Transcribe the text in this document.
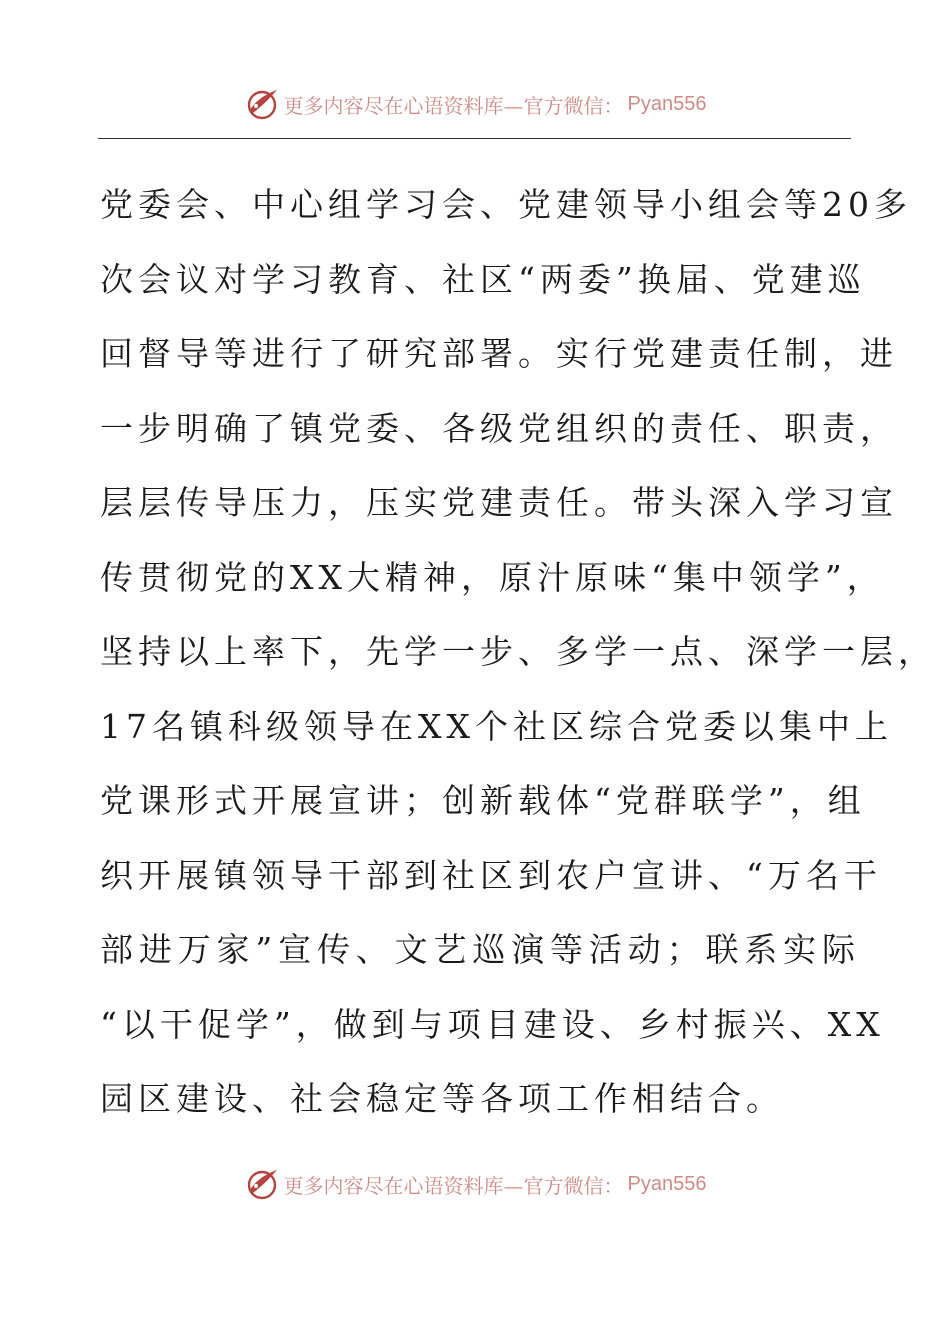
更多内容尽在心语资料库—官方微信： Pyan556
党委会、中心组学习会、党建领导小组会等20多
次会议对学习教育、社区“两委”换届、党建巡
回督导等进行了研究部署。实行党建责任制，进
一步明确了镇党委、各级党组织的责任、职责，
层层传导压力，压实党建责任。带头深入学习宣
传贯彻党的XX大精神，原汁原味“集中领学”，
坚持以上率下，先学一步、多学一点、深学一层，
17名镇科级领导在XX个社区综合党委以集中上
党课形式开展宣讲；创新载体“党群联学”，组
织开展镇领导干部到社区到农户宣讲、“万名干
部进万家”宣传、文艺巡演等活动；联系实际
“以干促学”，做到与项目建设、乡村振兴、XX
园区建设、社会稳定等各项工作相结合。
更多内容尽在心语资料库—官方微信： Pyan556
